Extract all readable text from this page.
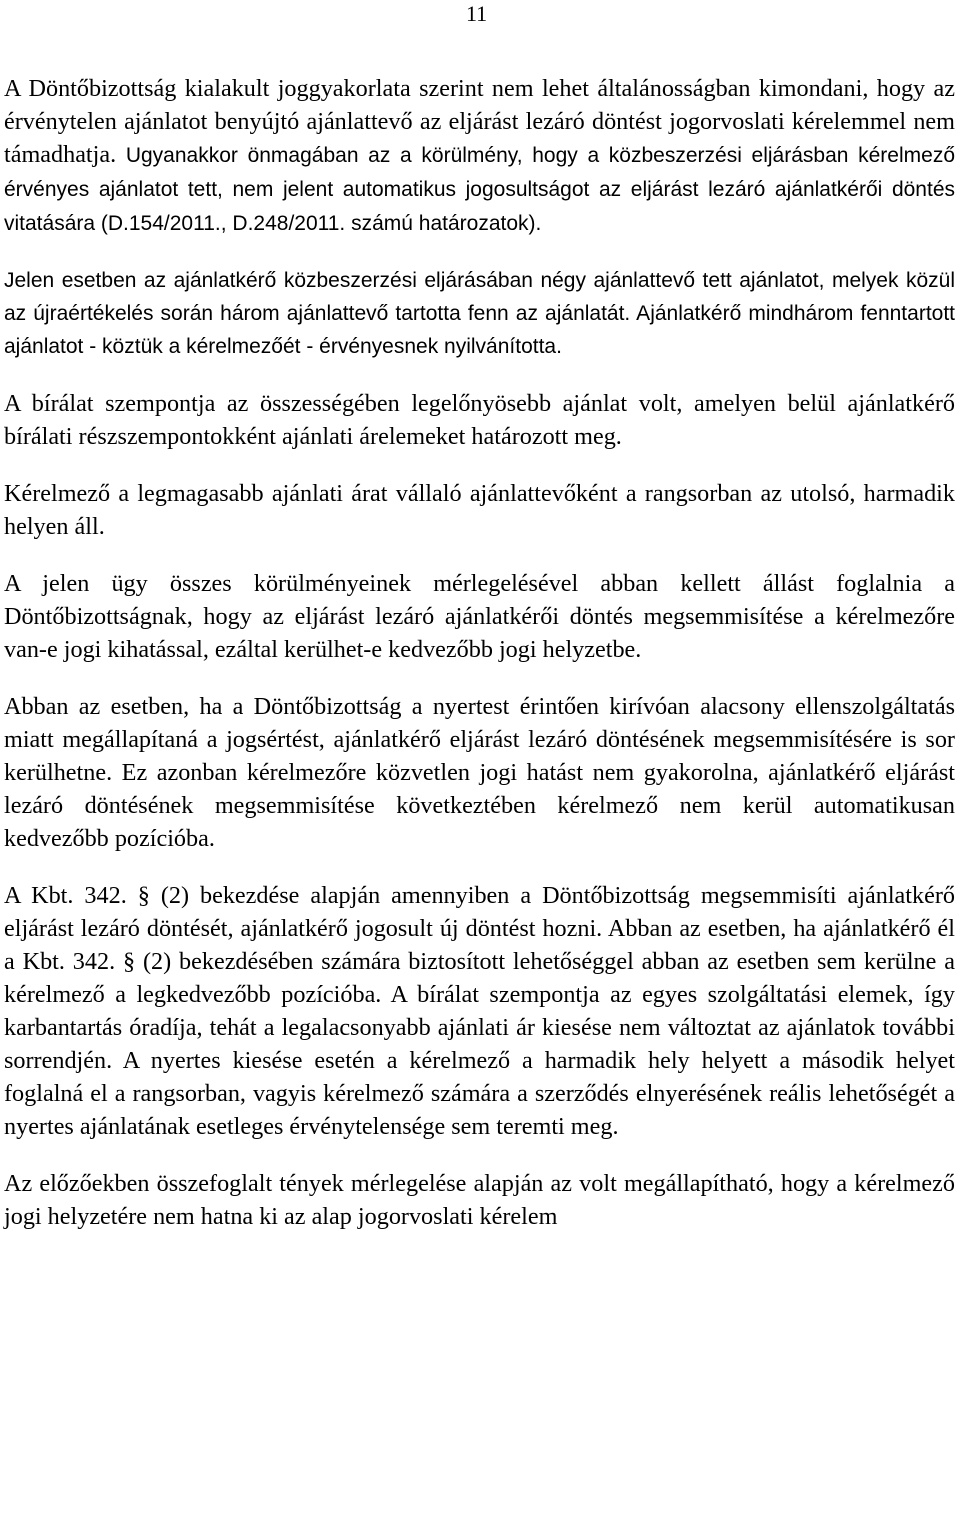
11

A Döntőbizottság kialakult joggyakorlata szerint nem lehet általánosságban kimondani, hogy az érvénytelen ajánlatot benyújtó ajánlattevő az eljárást lezáró döntést jogorvoslati kérelemmel nem támadhatja. Ugyanakkor önmagában az a körülmény, hogy a közbeszerzési eljárásban kérelmező érvényes ajánlatot tett, nem jelent automatikus jogosultságot az eljárást lezáró ajánlatkérői döntés vitatására (D.154/2011., D.248/2011. számú határozatok).

Jelen esetben az ajánlatkérő közbeszerzési eljárásában négy ajánlattevő tett ajánlatot, melyek közül az újraértékelés során három ajánlattevő tartotta fenn az ajánlatát. Ajánlatkérő mindhárom fenntartott ajánlatot - köztük a kérelmezőét - érvényesnek nyilvánította.

A bírálat szempontja az összességében legelőnyösebb ajánlat volt, amelyen belül ajánlatkérő bírálati részszempontokként ajánlati árelemeket határozott meg.

Kérelmező a legmagasabb ajánlati árat vállaló ajánlattevőként a rangsorban az utolsó, harmadik helyen áll.

A jelen ügy összes körülményeinek mérlegelésével abban kellett állást foglalnia a Döntőbizottságnak, hogy az eljárást lezáró ajánlatkérői döntés megsemmisítése a kérelmezőre van-e jogi kihatással, ezáltal kerülhet-e kedvezőbb jogi helyzetbe.

Abban az esetben, ha a Döntőbizottság a nyertest érintően kirívóan alacsony ellenszolgáltatás miatt megállapítaná a jogsértést, ajánlatkérő eljárást lezáró döntésének megsemmisítésére is sor kerülhetne. Ez azonban kérelmezőre közvetlen jogi hatást nem gyakorolna, ajánlatkérő eljárást lezáró döntésének megsemmisítése következtében kérelmező nem kerül automatikusan kedvezőbb pozícióba.

A Kbt. 342. § (2) bekezdése alapján amennyiben a Döntőbizottság megsemmisíti ajánlatkérő eljárást lezáró döntését, ajánlatkérő jogosult új döntést hozni. Abban az esetben, ha ajánlatkérő él a Kbt. 342. § (2) bekezdésében számára biztosított lehetőséggel abban az esetben sem kerülne a kérelmező a legkedvezőbb pozícióba. A bírálat szempontja az egyes szolgáltatási elemek, így karbantartás óradíja, tehát a legalacsonyabb ajánlati ár kiesése nem változtat az ajánlatok további sorrendjén. A nyertes kiesése esetén a kérelmező a harmadik hely helyett a második helyet foglalná el a rangsorban, vagyis kérelmező számára a szerződés elnyerésének reális lehetőségét a nyertes ajánlatának esetleges érvénytelensége sem teremti meg.

Az előzőekben összefoglalt tények mérlegelése alapján az volt megállapítható, hogy a kérelmező jogi helyzetére nem hatna ki az alap jogorvoslati kérelem
